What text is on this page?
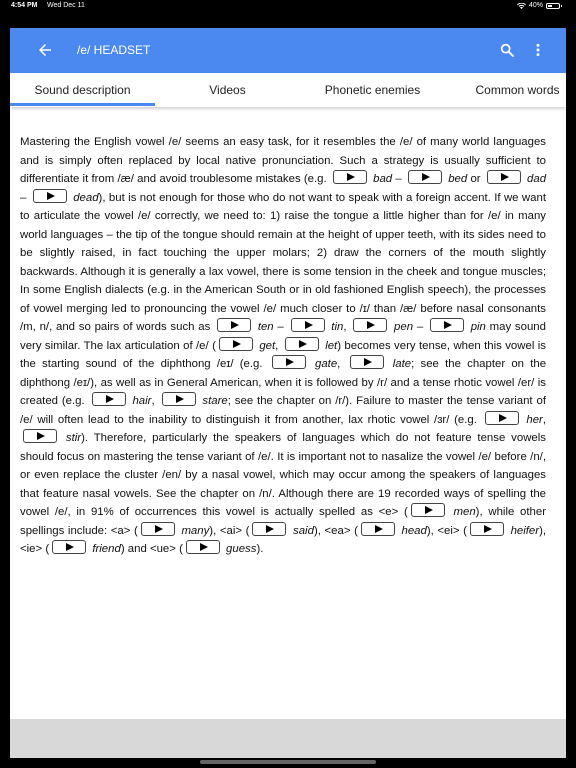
4:54 PM Wed Dec 11	40%
/e/ HEADSET
Sound description	Videos	Phonetic enemies	Common words
Mastering the English vowel /e/ seems an easy task, for it resembles the /e/ of many world languages and is simply often replaced by local native pronunciation. Such a strategy is usually sufficient to differentiate it from /æ/ and avoid troublesome mistakes (e.g.	bad –	bed or	dad –	dead), but is not enough for those who do not want to speak with a foreign accent. If we want to articulate the vowel /e/ correctly, we need to: 1) raise the tongue a little higher than for /e/ in many world languages – the tip of the tongue should remain at the height of upper teeth, with its sides need to be slightly raised, in fact touching the upper molars; 2) draw the corners of the mouth slightly backwards. Although it is generally a lax vowel, there is some tension in the cheek and tongue muscles; In some English dialects (e.g. in the American South or in old fashioned English speech), the processes of vowel merging led to pronouncing the vowel /e/ much closer to /ɪ/ than /æ/ before nasal consonants /m, n/, and so pairs of words such as	ten –	tin,	pen –	pin may sound very similar. The lax articulation of /e/ (	get,	let) becomes very tense, when this vowel is the starting sound of the diphthong /eɪ/ (e.g.	gate,	late; see the chapter on the diphthong /eɪ/), as well as in General American, when it is followed by /r/ and a tense rhotic vowel /er/ is created (e.g.	hair,	stare; see the chapter on /r/). Failure to master the tense variant of /e/ will often lead to the inability to distinguish it from another, lax rhotic vowel /ɜr/ (e.g.	her,  stir). Therefore, particularly the speakers of languages which do not feature tense vowels should focus on mastering the tense variant of /e/. It is important not to nasalize the vowel /e/ before /n/, or even replace the cluster /en/ by a nasal vowel, which may occur among the speakers of languages that feature nasal vowels. See the chapter on /n/. Although there are 19 recorded ways of spelling the vowel /e/, in 91% of occurrences this vowel is actually spelled as <e> (	men), while other spellings include: <a> (	many), <ai> (	said), <ea> (	head), <ei> (	heifer), <ie> (	friend) and <ue> (	guess).
